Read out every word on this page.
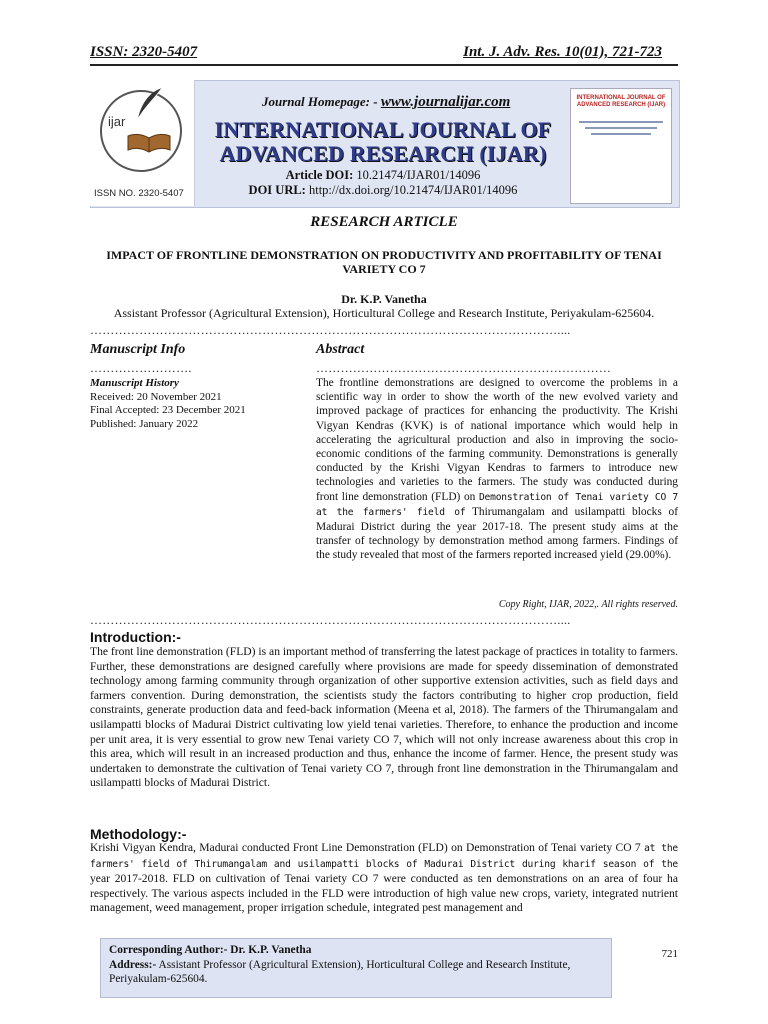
ISSN: 2320-5407	Int. J. Adv. Res. 10(01), 721-723
ijar
ISSN NO. 2320-5407
Journal Homepage: - www.journalijar.com
INTERNATIONAL JOURNAL OF
ADVANCED RESEARCH (IJAR)
Article DOI: 10.21474/IJAR01/14096
DOI URL: http://dx.doi.org/10.21474/IJAR01/14096
INTERNATIONAL JOURNAL OF ADVANCED RESEARCH (IJAR)
RESEARCH ARTICLE
IMPACT OF FRONTLINE DEMONSTRATION ON PRODUCTIVITY AND PROFITABILITY OF TENAI
VARIETY CO 7
Dr. K.P. Vanetha
Assistant Professor (Agricultural Extension), Horticultural College and Research Institute, Periyakulam-625604.
……………………………………………………………………………………………………....
Manuscript Info	Abstract
…………………….	………………………………………………………………
Manuscript History
Received: 20 November 2021
Final Accepted: 23 December 2021
Published: January 2022
The frontline demonstrations are designed to overcome the problems in a scientific way in order to show the worth of the new evolved variety and improved package of practices for enhancing the productivity. The Krishi Vigyan Kendras (KVK) is of national importance which would help in accelerating the agricultural production and also in improving the socio-economic conditions of the farming community. Demonstrations is generally conducted by the Krishi Vigyan Kendras to farmers to introduce new technologies and varieties to the farmers. The study was conducted during front line demonstration (FLD) on Demonstration of Tenai variety CO 7 at the farmers' field of Thirumangalam and usilampatti blocks of Madurai District during the year 2017-18. The present study aims at the transfer of technology by demonstration method among farmers. Findings of the study revealed that most of the farmers reported increased yield (29.00%).
Copy Right, IJAR, 2022,. All rights reserved.
……………………………………………………………………………………………………....
Introduction:-
The front line demonstration (FLD) is an important method of transferring the latest package of practices in totality to farmers. Further, these demonstrations are designed carefully where provisions are made for speedy dissemination of demonstrated technology among farming community through organization of other supportive extension activities, such as field days and farmers convention. During demonstration, the scientists study the factors contributing to higher crop production, field constraints, generate production data and feed-back information (Meena et al, 2018). The farmers of the Thirumangalam and usilampatti blocks of Madurai District cultivating low yield tenai varieties. Therefore, to enhance the production and income per unit area, it is very essential to grow new Tenai variety CO 7, which will not only increase awareness about this crop in this area, which will result in an increased production and thus, enhance the income of farmer. Hence, the present study was undertaken to demonstrate the cultivation of Tenai variety CO 7, through front line demonstration in the Thirumangalam and usilampatti blocks of Madurai District.
Methodology:-
Krishi Vigyan Kendra, Madurai conducted Front Line Demonstration (FLD) on Demonstration of Tenai variety CO 7 at the farmers' field of Thirumangalam and usilampatti blocks of Madurai District during kharif season of the year 2017-2018. FLD on cultivation of Tenai variety CO 7 were conducted as ten demonstrations on an area of four ha respectively. The various aspects included in the FLD were introduction of high value new crops, variety, integrated nutrient management, weed management, proper irrigation schedule, integrated pest management and
Corresponding Author:- Dr. K.P. Vanetha
Address:- Assistant Professor (Agricultural Extension), Horticultural College and Research Institute, Periyakulam-625604.
721
